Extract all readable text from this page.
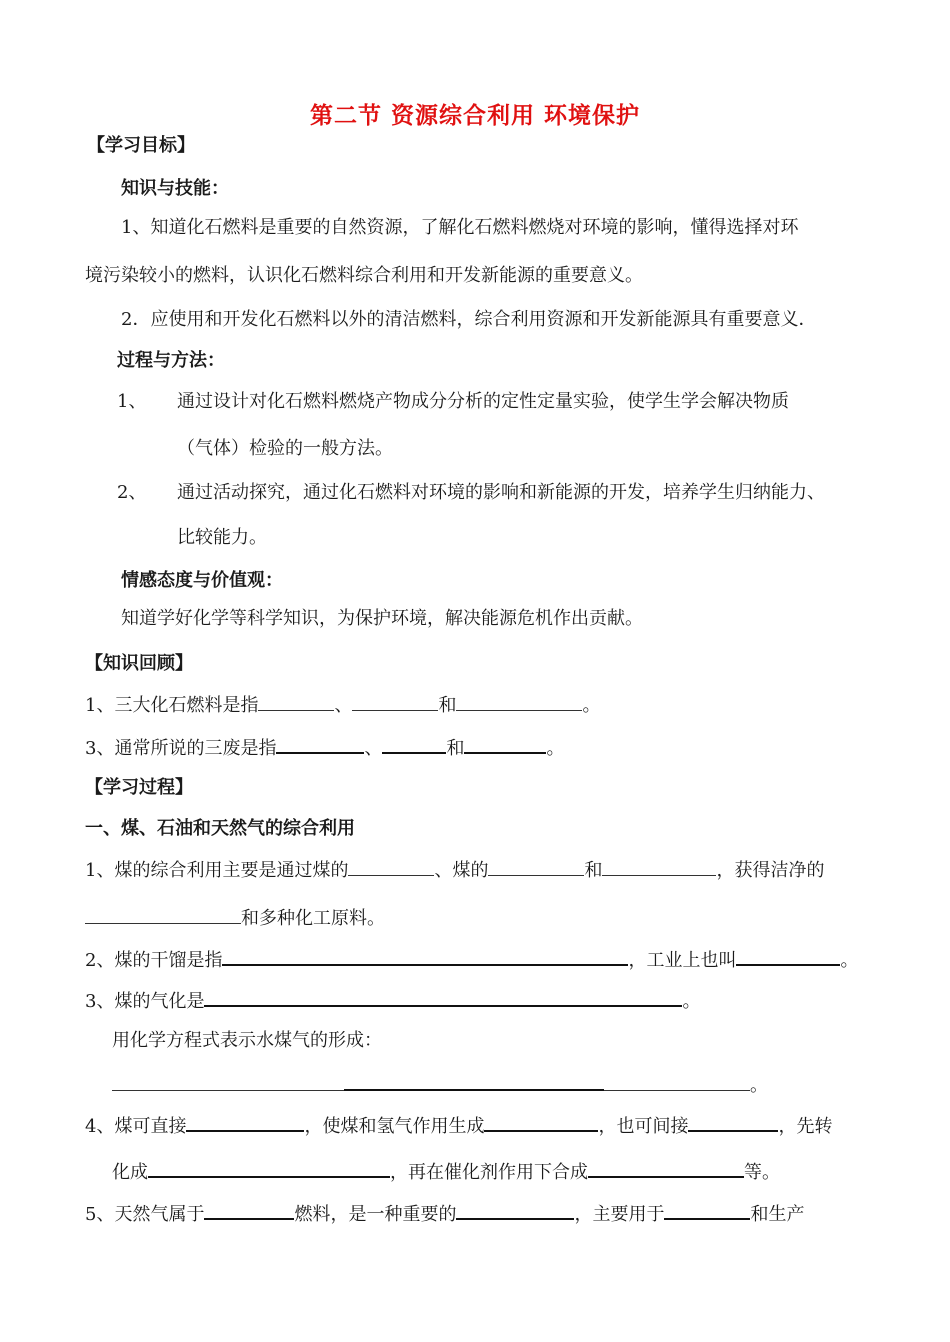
第二节 资源综合利用 环境保护
【学习目标】
知识与技能：
1、知道化石燃料是重要的自然资源，了解化石燃料燃烧对环境的影响，懂得选择对环
境污染较小的燃料，认识化石燃料综合利用和开发新能源的重要意义。
2．应使用和开发化石燃料以外的清洁燃料，综合利用资源和开发新能源具有重要意义．
过程与方法：
1、 通过设计对化石燃料燃烧产物成分分析的定性定量实验，使学生学会解决物质
（气体）检验的一般方法。
2、 通过活动探究，通过化石燃料对环境的影响和新能源的开发，培养学生归纳能力、
比较能力。
情感态度与价值观：
知道学好化学等科学知识，为保护环境，解决能源危机作出贡献。
【知识回顾】
1、三大化石燃料是指	、	和	。
3、通常所说的三废是指	、	和	。
【学习过程】
一、煤、石油和天然气的综合利用
1、煤的综合利用主要是通过煤的	、煤的	和	，获得洁净的
和多种化工原料。
2、煤的干馏是指	，工业上也叫	。
3、煤的气化是	。
用化学方程式表示水煤气的形成：
。
4、煤可直接	，使煤和氢气作用生成	，也可间接	，先转
化成	，再在催化剂作用下合成	等。
5、天然气属于	燃料，是一种重要的	，主要用于	和生产
